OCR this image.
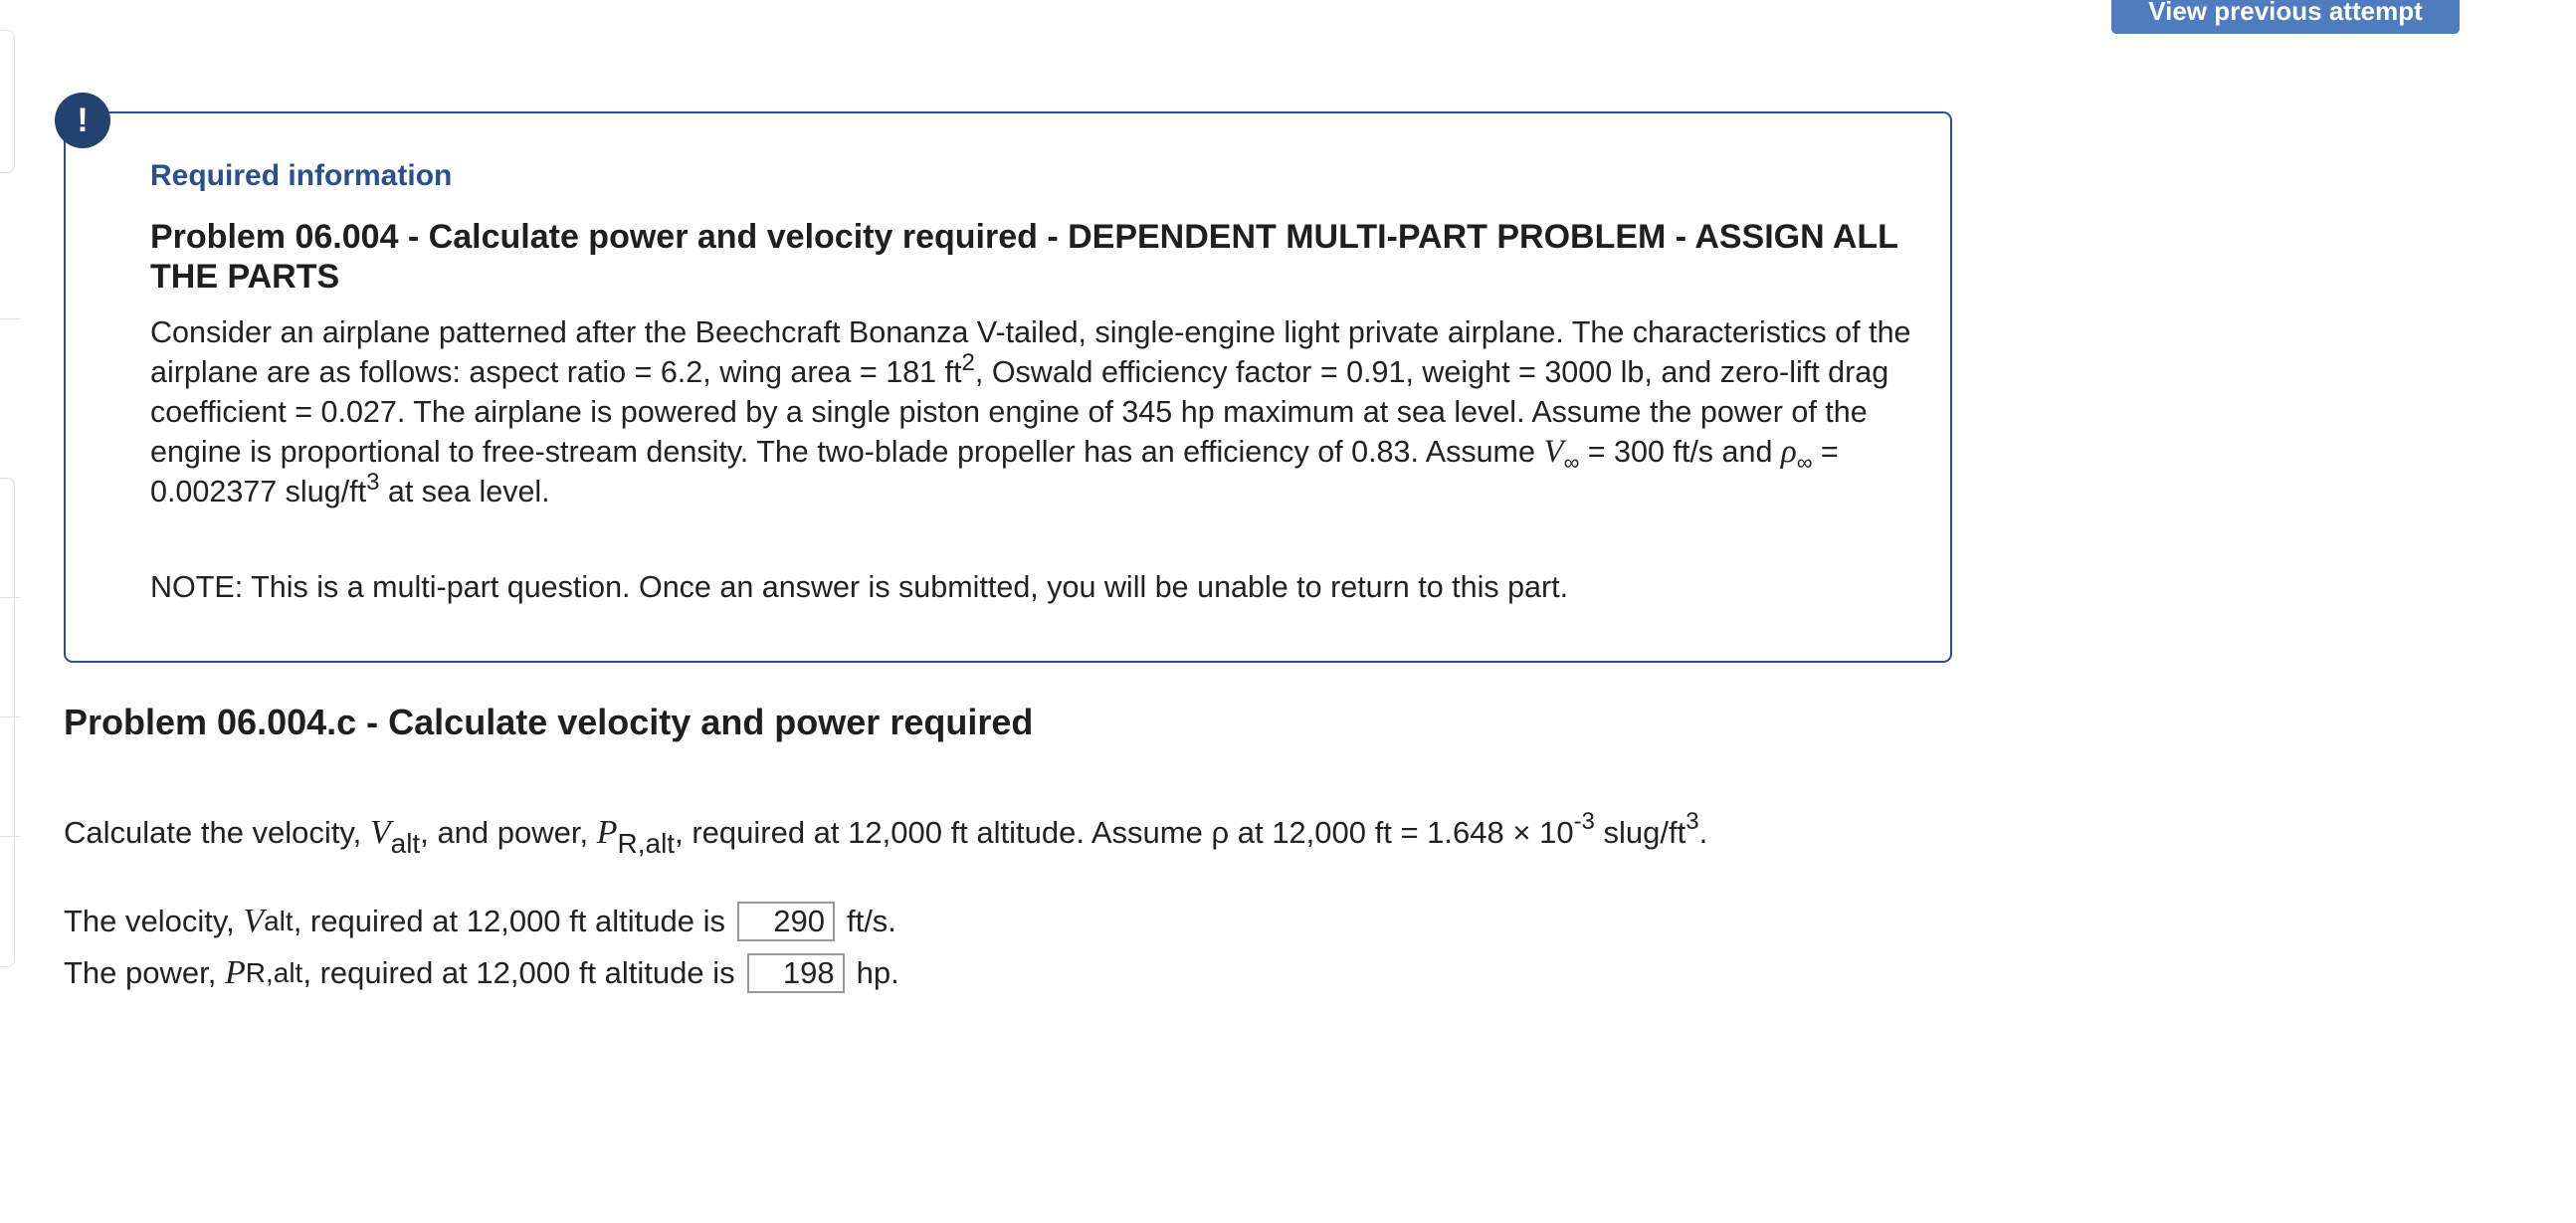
View previous attempt
!
Required information
Problem 06.004 - Calculate power and velocity required - DEPENDENT MULTI-PART PROBLEM - ASSIGN ALL THE PARTS
Consider an airplane patterned after the Beechcraft Bonanza V-tailed, single-engine light private airplane. The characteristics of the airplane are as follows: aspect ratio = 6.2, wing area = 181 $ft^2$, Oswald efficiency factor = 0.91, weight = 3000 lb, and zero-lift drag coefficient = 0.027. The airplane is powered by a single piston engine of 345 hp maximum at sea level. Assume the power of the engine is proportional to free-stream density. The two-blade propeller has an efficiency of 0.83. Assume $V_\infty = 300$ ft/s and $\rho_\infty = 0.002377$ slug/$ft^3$ at sea level.
NOTE: This is a multi-part question. Once an answer is submitted, you will be unable to return to this part.
Problem 06.004.c - Calculate velocity and power required
Calculate the velocity, $V_{alt}$, and power, $P_{R,alt}$, required at 12,000 ft altitude. Assume ρ at 12,000 ft = $1.648 \times 10^{-3}$ slug/$ft^3$.
The velocity, V alt , required at 12,000 ft altitude is	290 ft/s.
The power, P R,alt , required at 12,000 ft altitude is	198 hp.
